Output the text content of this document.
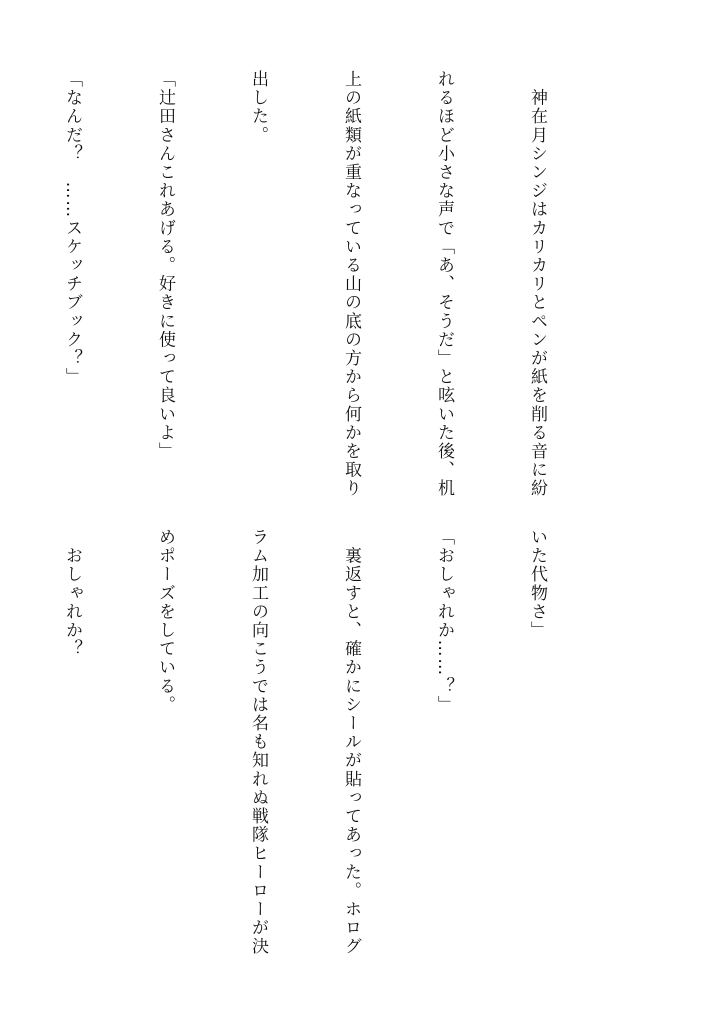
　神在月シンジはカリカリとペンが紙を削る音に紛

れるほど小さな声で「あ、そうだ」と呟いた後、机

上の紙類が重なっている山の底の方から何かを取り

出した。

「辻田さんこれあげる。好きに使って良いよ」

「なんだ？　……スケッチブック？」

いた代物さ」

「おしゃれか……？」

　裏返すと、確かにシールが貼ってあった。ホログ

ラム加工の向こうでは名も知れぬ戦隊ヒーローが決

めポーズをしている。

　おしゃれか？
